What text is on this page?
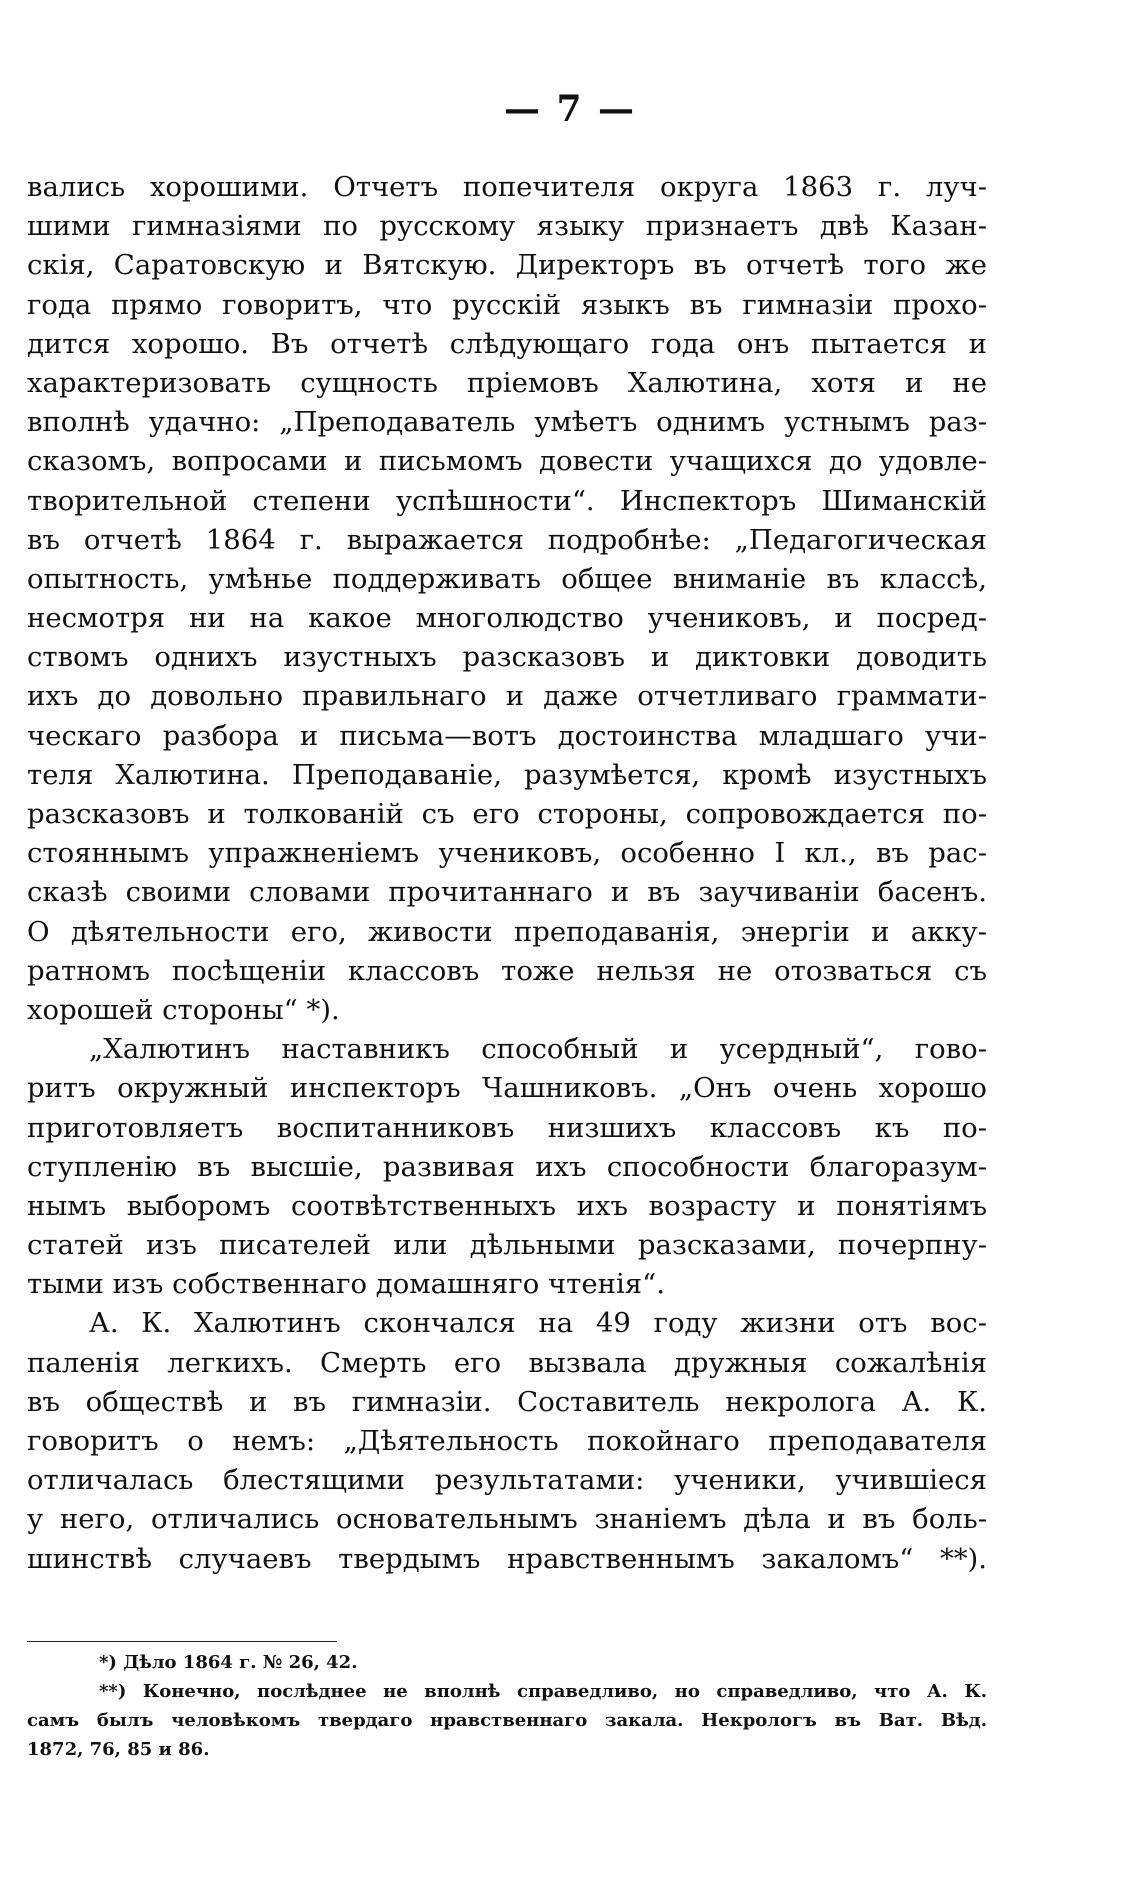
— 7 —
вались хорошими. Отчетъ попечителя округа 1863 г. луч-
шими гимназiями по русскому языку признаетъ двѣ Казан-
скiя, Саратовскую и Вятскую. Директоръ въ отчетѣ того же
года прямо говоритъ, что русскiй языкъ въ гимназiи прохо-
дится хорошо. Въ отчетѣ слѣдующаго года онъ пытается и
характеризовать сущность прiемовъ Халютина, хотя и не
вполнѣ удачно: „Преподаватель умѣетъ однимъ устнымъ раз-
сказомъ, вопросами и письмомъ довести учащихся до удовле-
творительной степени успѣшности“. Инспекторъ Шиманскiй
въ отчетѣ 1864 г. выражается подробнѣе: „Педагогическая
опытность, умѣнье поддерживать общее вниманiе въ классѣ,
несмотря ни на какое многолюдство учениковъ, и посред-
ствомъ однихъ изустныхъ разсказовъ и диктовки доводить
ихъ до довольно правильнаго и даже отчетливаго граммати-
ческаго разбора и письма—вотъ достоинства младшаго учи-
теля Халютина. Преподаванiе, разумѣется, кромѣ изустныхъ
разсказовъ и толкованiй съ его стороны, сопровождается по-
стояннымъ упражненiемъ учениковъ, особенно I кл., въ рас-
сказѣ своими словами прочитаннаго и въ заучиванiи басенъ.
О дѣятельности его, живости преподаванiя, энергiи и акку-
ратномъ посѣщенiи классовъ тоже нельзя не отозваться съ
хорошей стороны“ *).
„Халютинъ наставникъ способный и усердный“, гово-
ритъ окружный инспекторъ Чашниковъ. „Онъ очень хорошо
приготовляетъ воспитанниковъ низшихъ классовъ къ по-
ступленiю въ высшiе, развивая ихъ способности благоразум-
нымъ выборомъ соотвѣтственныхъ ихъ возрасту и понятiямъ
статей изъ писателей или дѣльными разсказами, почерпну-
тыми изъ собственнаго домашняго чтенiя“.
А. К. Халютинъ скончался на 49 году жизни отъ вос-
паленiя легкихъ. Смерть его вызвала дружныя сожалѣнiя
въ обществѣ и въ гимназiи. Составитель некролога А. К.
говоритъ о немъ: „Дѣятельность покойнаго преподавателя
отличалась блестящими результатами: ученики, учившiеся
у него, отличались основательнымъ знанiемъ дѣла и въ боль-
шинствѣ случаевъ твердымъ нравственнымъ закаломъ“ **).
*) Дѣло 1864 г. № 26, 42.
**) Конечно, послѣднее не вполнѣ справедливо, но справедливо, что А. К.
самъ былъ человѣкомъ твердаго нравственнаго закала. Некрологъ въ Ват. Вѣд.
1872, 76, 85 и 86.
